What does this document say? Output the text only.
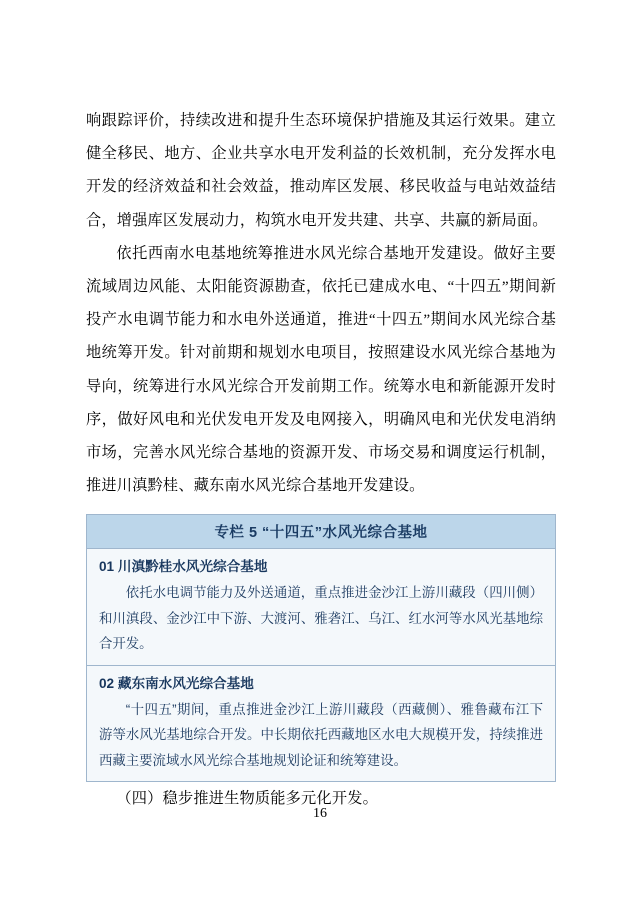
响跟踪评价，持续改进和提升生态环境保护措施及其运行效果。建立健全移民、地方、企业共享水电开发利益的长效机制，充分发挥水电开发的经济效益和社会效益，推动库区发展、移民收益与电站效益结合，增强库区发展动力，构筑水电开发共建、共享、共赢的新局面。

依托西南水电基地统筹推进水风光综合基地开发建设。做好主要流域周边风能、太阳能资源勘查，依托已建成水电、“十四五”期间新投产水电调节能力和水电外送通道，推进“十四五”期间水风光综合基地统筹开发。针对前期和规划水电项目，按照建设水风光综合基地为导向，统筹进行水风光综合开发前期工作。统筹水电和新能源开发时序，做好风电和光伏发电开发及电网接入，明确风电和光伏发电消纳市场，完善水风光综合基地的资源开发、市场交易和调度运行机制，推进川滇黔桂、藏东南水风光综合基地开发建设。

专栏 5 “十四五”水风光综合基地
01 川滇黔桂水风光综合基地
依托水电调节能力及外送通道，重点推进金沙江上游川藏段（四川侧）和川滇段、金沙江中下游、大渡河、雅砻江、乌江、红水河等水风光基地综合开发。
02 藏东南水风光综合基地
“十四五”期间，重点推进金沙江上游川藏段（西藏侧）、雅鲁藏布江下游等水风光基地综合开发。中长期依托西藏地区水电大规模开发，持续推进西藏主要流域水风光综合基地规划论证和统筹建设。

（四）稳步推进生物质能多元化开发。

16
